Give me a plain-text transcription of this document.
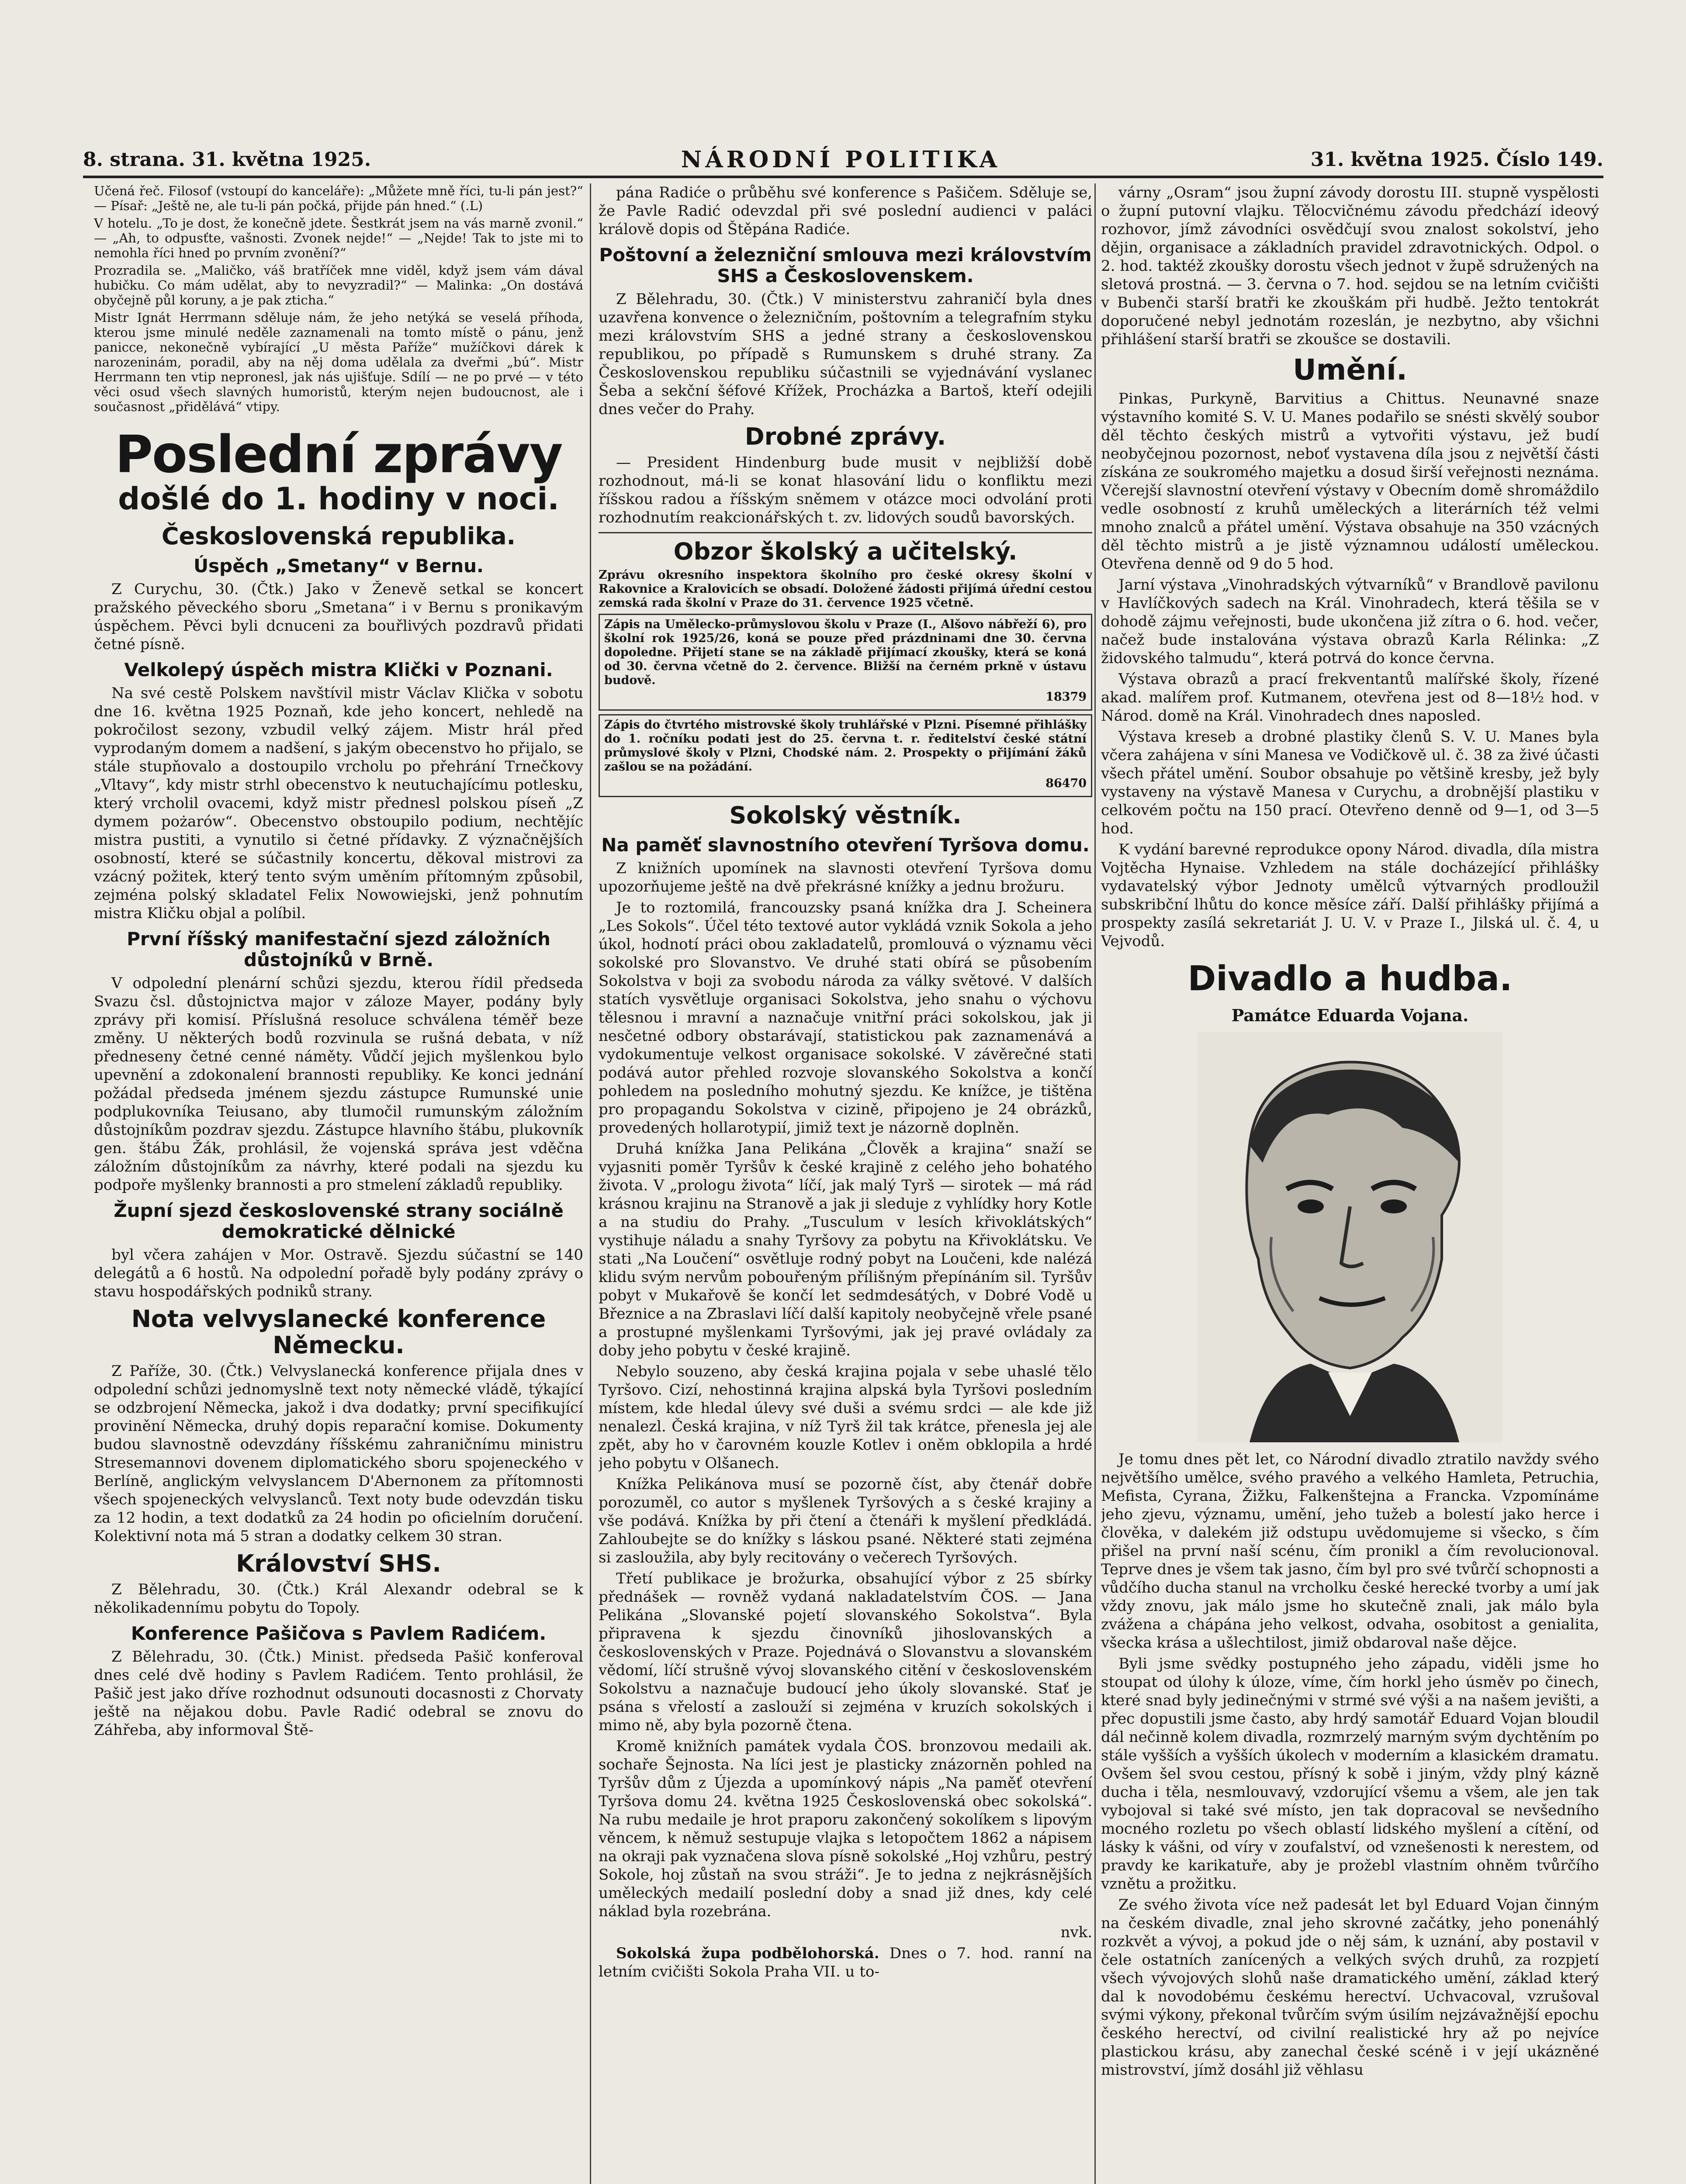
8. strana. 31. května 1925.	NÁRODNÍ POLITIKA	31. května 1925. Číslo 149.

Učená řeč. Filosof (vstoupí do kanceláře): „Můžete mně říci, tu-li pán jest?“ — Písař: „Ještě ne, ale tu-li pán počká, přijde pán hned.“ (.L)

V hotelu. „To je dost, že konečně jdete. Šestkrát jsem na vás marně zvonil.“ — „Ah, to odpusťte, vašnosti. Zvonek nejde!“ — „Nejde! Tak to jste mi to nemohla říci hned po prvním zvonění?“

Prozradila se. „Maličko, váš bratříček mne viděl, když jsem vám dával hubičku. Co mám udělat, aby to nevyzradil?“ — Malinka: „On dostává obyčejně půl koruny, a je pak zticha.“

Mistr Ignát Herrmann sděluje nám, že jeho netýká se veselá příhoda, kterou jsme minulé neděle zaznamenali na tomto místě o pánu, jenž panicce, nekonečně vybírající „U města Paříže“ mužíčkovi dárek k narozeninám, poradil, aby na něj doma udělala za dveřmi „bú“. Mistr Herrmann ten vtip nepronesl, jak nás ujišťuje. Sdílí — ne po prvé — v této věci osud všech slavných humoristů, kterým nejen budoucnost, ale i současnost „přidělává“ vtipy.

Poslední zprávy
došlé do 1. hodiny v noci.
Československá republika.
Úspěch „Smetany“ v Bernu.

Z Curychu, 30. (Čtk.) Jako v Ženevě setkal se koncert pražského pěveckého sboru „Smetana“ i v Bernu s pronikavým úspěchem. Pěvci byli dcnuceni za bouřlivých pozdravů přidati četné písně.

Velkolepý úspěch mistra Klički v Poznani.

Na své cestě Polskem navštívil mistr Václav Klička v sobotu dne 16. května 1925 Poznaň, kde jeho koncert, nehledě na pokročilost sezony, vzbudil velký zájem. Mistr hrál před vyprodaným domem a nadšení, s jakým obecenstvo ho přijalo, se stále stupňovalo a dostoupilo vrcholu po přehrání Trnečkovy „Vltavy“, kdy mistr strhl obecenstvo k neutuchajícímu potlesku, který vrcholil ovacemi, když mistr přednesl polskou píseň „Z dymem pożarów“. Obecenstvo obstoupilo podium, nechtějíc mistra pustiti, a vynutilo si četné přídavky. Z význačnějších osobností, které se súčastnily koncertu, děkoval mistrovi za vzácný požitek, který tento svým uměním přítomným způsobil, zejména polský skladatel Felix Nowowiejski, jenž pohnutím mistra Kličku objal a políbil.

První říšský manifestační sjezd záložních důstojníků v Brně.

V odpolední plenární schůzi sjezdu, kterou řídil předseda Svazu čsl. důstojnictva major v záloze Mayer, podány byly zprávy při komisí. Příslušná resoluce schválena téměř beze změny. U některých bodů rozvinula se rušná debata, v níž předneseny četné cenné náměty. Vůdčí jejich myšlenkou bylo upevnění a zdokonalení brannosti republiky. Ke konci jednání požádal předseda jménem sjezdu zástupce Rumunské unie podplukovníka Teiusano, aby tlumočil rumunským záložním důstojníkům pozdrav sjezdu. Zástupce hlavního štábu, plukovník gen. štábu Žák, prohlásil, že vojenská správa jest vděčna záložním důstojníkům za návrhy, které podali na sjezdu ku podpoře myšlenky brannosti a pro stmelení základů republiky.

Župní sjezd československé strany sociálně demokratické dělnické

byl včera zahájen v Mor. Ostravě. Sjezdu súčastní se 140 delegátů a 6 hostů. Na odpolední pořadě byly podány zprávy o stavu hospodářských podniků strany.

Nota velvyslanecké konference Německu.

Z Paříže, 30. (Čtk.) Velvyslanecká konference přijala dnes v odpolední schůzi jednomyslně text noty německé vládě, týkající se odzbrojení Německa, jakož i dva dodatky; první specifikující provinění Německa, druhý dopis reparační komise. Dokumenty budou slavnostně odevzdány říšskému zahraničnímu ministru Stresemannovi dovenem diplomatického sboru spojeneckého v Berlíně, anglickým velvyslancem D'Abernonem za přítomnosti všech spojeneckých velvyslanců. Text noty bude odevzdán tisku za 12 hodin, a text dodatků za 24 hodin po oficielním doručení. Kolektivní nota má 5 stran a dodatky celkem 30 stran.

Království SHS.

Z Bělehradu, 30. (Čtk.) Král Alexandr odebral se k několikadennímu pobytu do Topoly.

Konference Pašičova s Pavlem Radićem.

Z Bělehradu, 30. (Čtk.) Minist. předseda Pašič konferoval dnes celé dvě hodiny s Pavlem Radićem. Tento prohlásil, že Pašič jest jako dříve rozhodnut odsunouti docasnosti z Chorvaty ještě na nějakou dobu. Pavle Radić odebral se znovu do Záhřeba, aby informoval Ště-

pána Radiće o průběhu své konference s Pašičem. Sděluje se, že Pavle Radić odevzdal při své poslední audienci v paláci králově dopis od Štěpána Radiće.

Poštovní a železniční smlouva mezi královstvím SHS a Československem.

Z Bělehradu, 30. (Čtk.) V ministerstvu zahraničí byla dnes uzavřena konvence o železničním, poštovním a telegrafním styku mezi královstvím SHS a jedné strany a československou republikou, po případě s Rumunskem s druhé strany. Za Československou republiku súčastnili se vyjednávání vyslanec Šeba a sekční šéfové Křížek, Procházka a Bartoš, kteří odejili dnes večer do Prahy.

Drobné zprávy.

— President Hindenburg bude musit v nejbližší době rozhodnout, má-li se konat hlasování lidu o konfliktu mezi říšskou radou a říšským sněmem v otázce moci odvolání proti rozhodnutím reakcionářských t. zv. lidových soudů bavorských.

Obzor školský a učitelský.

Zprávu okresního inspektora školního pro české okresy školní v Rakovnice a Kralovicích se obsadí. Doložené žádosti přijímá úřední cestou zemská rada školní v Praze do 31. července 1925 včetně.

Zápis na Umělecko-průmyslovou školu v Praze (I., Alšovo nábřeží 6), pro školní rok 1925/26, koná se pouze před prázdninami dne 30. června dopoledne. Přijetí stane se na základě přijímací zkoušky, která se koná od 30. června včetně do 2. července. Bližší na černém prkně v ústavu budově.

18379

Zápis do čtvrtého mistrovské školy truhlářské v Plzni. Písemné přihlášky do 1. ročníku podati jest do 25. června t. r. ředitelství české státní průmyslové školy v Plzni, Chodské nám. 2. Prospekty o přijímání žáků zašlou se na požádání.

86470

Sokolský věstník.
Na paměť slavnostního otevření Tyršova domu.

Z knižních upomínek na slavnosti otevření Tyršova domu upozorňujeme ještě na dvě překrásné knížky a jednu brožuru.

Je to roztomilá, francouzsky psaná knížka dra J. Scheinera „Les Sokols“. Účel této textové autor vykládá vznik Sokola a jeho úkol, hodnotí práci obou zakladatelů, promlouvá o významu věci sokolské pro Slovanstvo. Ve druhé stati obírá se působením Sokolstva v boji za svobodu národa za války světové. V dalších statích vysvětluje organisaci Sokolstva, jeho snahu o výchovu tělesnou i mravní a naznačuje vnitřní práci sokolskou, jak ji nesčetné odbory obstarávají, statistickou pak zaznamenává a vydokumentuje velkost organisace sokolské. V závěrečné stati podává autor přehled rozvoje slovanského Sokolstva a končí pohledem na posledního mohutný sjezdu. Ke knížce, je tištěna pro propagandu Sokolstva v cizině, připojeno je 24 obrázků, provedených hollarotypií, jimiž text je názorně doplněn.

Druhá knížka Jana Pelikána „Člověk a krajina“ snaží se vyjasniti poměr Tyršův k české krajině z celého jeho bohatého života. V „prologu života“ líčí, jak malý Tyrš — sirotek — má rád krásnou krajinu na Stranově a jak ji sleduje z vyhlídky hory Kotle a na studiu do Prahy. „Tusculum v lesích křivoklátských“ vystihuje náladu a snahy Tyršovy za pobytu na Křivoklátsku. Ve stati „Na Loučení“ osvětluje rodný pobyt na Loučeni, kde nalézá klidu svým nervům pobouřeným přílišným přepínáním sil. Tyršův pobyt v Mukařově še končí let sedmdesátých, v Dobré Vodě u Březnice a na Zbraslavi líčí další kapitoly neobyčejně vřele psané a prostupné myšlenkami Tyršovými, jak jej pravé ovládaly za doby jeho pobytu v české krajině.

Nebylo souzeno, aby česká krajina pojala v sebe uhaslé tělo Tyršovo. Cizí, nehostinná krajina alpská byla Tyršovi posledním místem, kde hledal úlevy své duši a svému srdci — ale kde již nenalezl. Česká krajina, v níž Tyrš žil tak krátce, přenesla jej ale zpět, aby ho v čarovném kouzle Kotlev i oněm obklopila a hrdé jeho pobytu v Olšanech.

Knížka Pelikánova musí se pozorně číst, aby čtenář dobře porozuměl, co autor s myšlenek Tyršových a s české krajiny a vše podává. Knížka by při čtení a čtenáři k myšlení předkládá. Zahloubejte se do knížky s láskou psané. Některé stati zejména si zasloužila, aby byly recitovány o večerech Tyršových.

Třetí publikace je brožurka, obsahující výbor z 25 sbírky přednášek — rovněž vydaná nakladatelstvím ČOS. — Jana Pelikána „Slovanské pojetí slovanského Sokolstva“. Byla připravena k sjezdu činovníků jihoslovanských a československých v Praze. Pojednává o Slovanstvu a slovanském vědomí, líčí strušně vývoj slovanského citění v československém Sokolstvu a naznačuje budoucí jeho úkoly slovanské. Stať je psána s vřelostí a zaslouží si zejména v kruzích sokolských i mimo ně, aby byla pozorně čtena.

Kromě knižních památek vydala ČOS. bronzovou medaili ak. sochaře Šejnosta. Na líci jest je plasticky znázorněn pohled na Tyršův dům z Újezda a upomínkový nápis „Na paměť otevření Tyršova domu 24. května 1925 Československá obec sokolská“. Na rubu medaile je hrot praporu zakončený sokolíkem s lipovým věncem, k němuž sestupuje vlajka s letopočtem 1862 a nápisem na okraji pak vyznačena slova písně sokolské „Hoj vzhůru, pestrý Sokole, hoj zůstaň na svou stráži“. Je to jedna z nejkrásnějších uměleckých medailí poslední doby a snad již dnes, kdy celé náklad byla rozebrána.

nvk.

Sokolská župa podbělohorská. Dnes o 7. hod. ranní na letním cvičišti Sokola Praha VII. u to-

várny „Osram“ jsou župní závody dorostu III. stupně vyspělosti o župní putovní vlajku. Tělocvičnému závodu předchází ideový rozhovor, jímž závodníci osvědčují svou znalost sokolství, jeho dějin, organisace a základních pravidel zdravotnických. Odpol. o 2. hod. taktéž zkoušky dorostu všech jednot v župě sdružených na sletová prostná. — 3. června o 7. hod. sejdou se na letním cvičišti v Bubenči starší bratři ke zkouškám při hudbě. Ježto tentokrát doporučené nebyl jednotám rozeslán, je nezbytno, aby všichni přihlášení starší bratři se zkoušce se dostavili.

Umění.

Pinkas, Purkyně, Barvitius a Chittus. Neunavné snaze výstavního komité S. V. U. Manes podařilo se snésti skvělý soubor děl těchto českých mistrů a vytvořiti výstavu, jež budí neobyčejnou pozornost, neboť vystavena díla jsou z největší části získána ze soukromého majetku a dosud širší veřejnosti neznáma. Včerejší slavnostní otevření výstavy v Obecním domě shromáždilo vedle osobností z kruhů uměleckých a literárních též velmi mnoho znalců a přátel umění. Výstava obsahuje na 350 vzácných děl těchto mistrů a je jistě významnou událostí uměleckou. Otevřena denně od 9 do 5 hod.

Jarní výstava „Vinohradských výtvarníků“ v Brandlově pavilonu v Havlíčkových sadech na Král. Vinohradech, která těšila se v dohodě zájmu veřejnosti, bude ukončena již zítra o 6. hod. večer, načež bude instalována výstava obrazů Karla Rélinka: „Z židovského talmudu“, která potrvá do konce června.

Výstava obrazů a prací frekventantů malířské školy, řízené akad. malířem prof. Kutmanem, otevřena jest od 8—18½ hod. v Národ. domě na Král. Vinohradech dnes naposled.

Výstava kreseb a drobné plastiky členů S. V. U. Manes byla včera zahájena v síni Manesa ve Vodičkově ul. č. 38 za živé účasti všech přátel umění. Soubor obsahuje po většině kresby, jež byly vystaveny na výstavě Manesa v Curychu, a drobnější plastiku v celkovém počtu na 150 prací. Otevřeno denně od 9—1, od 3—5 hod.

K vydání barevné reprodukce opony Národ. divadla, díla mistra Vojtěcha Hynaise. Vzhledem na stále docházející přihlášky vydavatelský výbor Jednoty umělců výtvarných prodloužil subskribční lhůtu do konce měsíce září. Další přihlášky přijímá a prospekty zasílá sekretariát J. U. V. v Praze I., Jilská ul. č. 4, u Vejvodů.

Divadlo a hudba.
Památce Eduarda Vojana.

Je tomu dnes pět let, co Národní divadlo ztratilo navždy svého největšího umělce, svého pravého a velkého Hamleta, Petruchia, Mefista, Cyrana, Žižku, Falkenštejna a Francka. Vzpomínáme jeho zjevu, významu, umění, jeho tužeb a bolestí jako herce i člověka, v dalekém již odstupu uvědomujeme si všecko, s čím přišel na první naší scénu, čím pronikl a čím revolucionoval. Teprve dnes je všem tak jasno, čím byl pro své tvůrčí schopnosti a vůdčího ducha stanul na vrcholku české herecké tvorby a umí jak vždy znovu, jak málo jsme ho skutečně znali, jak málo byla zvážena a chápána jeho velkost, odvaha, osobitost a genialita, všecka krása a ušlechtilost, jimiž obdaroval naše dějce.

Byli jsme svědky postupného jeho západu, viděli jsme ho stoupat od úlohy k úloze, víme, čím horkl jeho úsměv po činech, které snad byly jedinečnými v strmé své výši a na našem jevišti, a přec dopustili jsme často, aby hrdý samotář Eduard Vojan bloudil dál nečinně kolem divadla, rozmrzelý marným svým dychtěním po stále vyšších a vyšších úkolech v moderním a klasickém dramatu. Ovšem šel svou cestou, přísný k sobě i jiným, vždy plný kázně ducha i těla, nesmlouvavý, vzdorující všemu a všem, ale jen tak vybojoval si také své místo, jen tak dopracoval se nevšedního mocného rozletu po všech oblastí lidského myšlení a cítění, od lásky k vášni, od víry v zoufalství, od vznešenosti k nerestem, od pravdy ke karikatuře, aby je prožebl vlastním ohněm tvůrčího vznětu a prožitku.

Ze svého života více než padesát let byl Eduard Vojan činným na českém divadle, znal jeho skrovné začátky, jeho ponenáhlý rozkvět a vývoj, a pokud jde o něj sám, k uznání, aby postavil v čele ostatních zanícených a velkých svých druhů, za rozpjetí všech vývojových slohů naše dramatického umění, základ který dal k novodobému českému herectví. Uchvacoval, vzrušoval svými výkony, překonal tvůrčím svým úsilím nejzávažnější epochu českého herectví, od civilní realistické hry až po nejvíce plastickou krásu, aby zanechal české scéně i v její ukázněné mistrovství, jímž dosáhl již věhlasu
